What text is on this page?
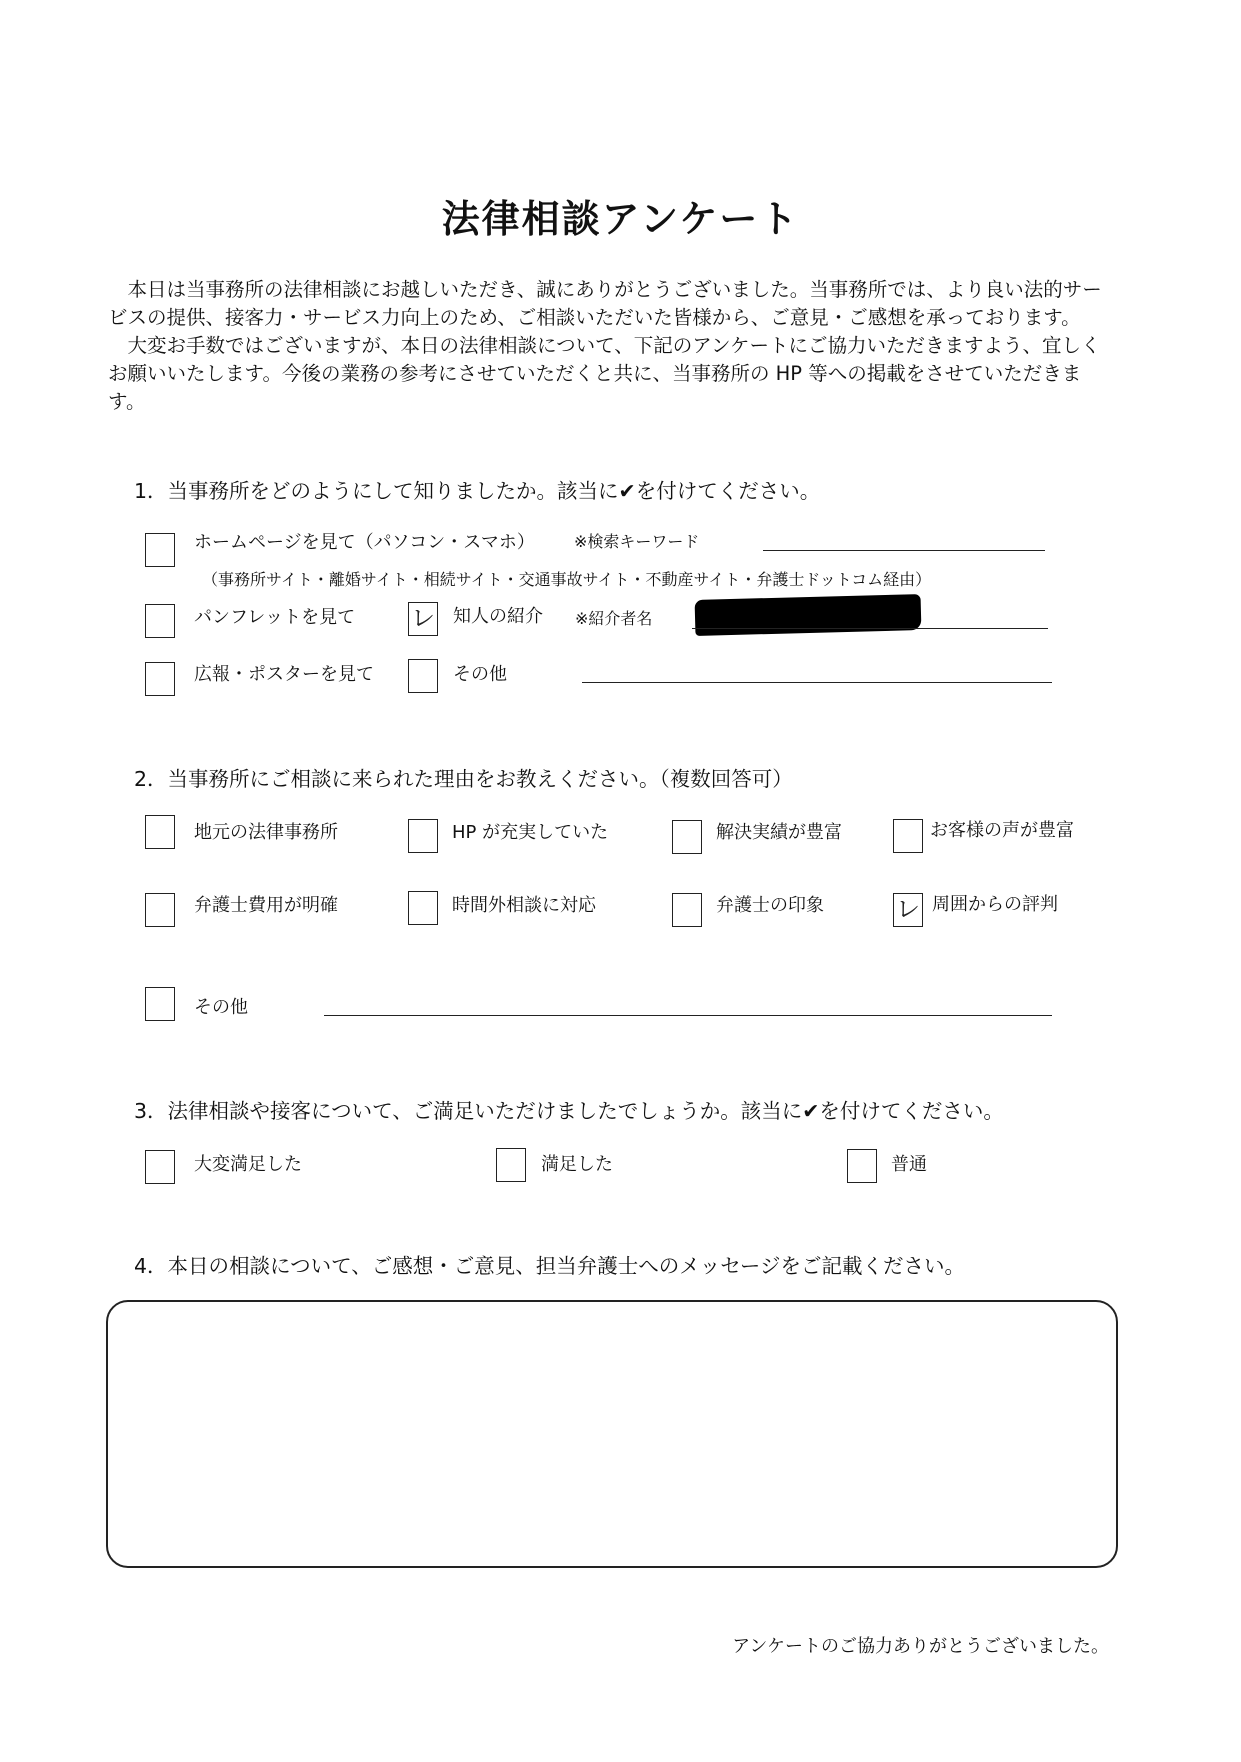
法律相談アンケート

本日は当事務所の法律相談にお越しいただき、誠にありがとうございました。当事務所では、より良い法的サービスの提供、接客力・サービス力向上のため、ご相談いただいた皆様から、ご意見・ご感想を承っております。

大変お手数ではございますが、本日の法律相談について、下記のアンケートにご協力いただきますよう、宜しくお願いいたします。今後の業務の参考にさせていただくと共に、当事務所の HP 等への掲載をさせていただきます。

1．当事務所をどのようにして知りましたか。該当に✔を付けてください。
ホームページを見て（パソコン・スマホ） ※検索キーワード
（事務所サイト・離婚サイト・相続サイト・交通事故サイト・不動産サイト・弁護士ドットコム経由）
パンフレットを見て レ 知人の紹介 ※紹介者名
広報・ポスターを見て	その他
2．当事務所にご相談に来られた理由をお教えください。（複数回答可）
地元の法律事務所	HP が充実していた	解決実績が豊富	お客様の声が豊富
弁護士費用が明確	時間外相談に対応	弁護士の印象	レ 周囲からの評判
その他
3．法律相談や接客について、ご満足いただけましたでしょうか。該当に✔を付けてください。
大変満足した	満足した	普通
4．本日の相談について、ご感想・ご意見、担当弁護士へのメッセージをご記載ください。
アンケートのご協力ありがとうございました。
